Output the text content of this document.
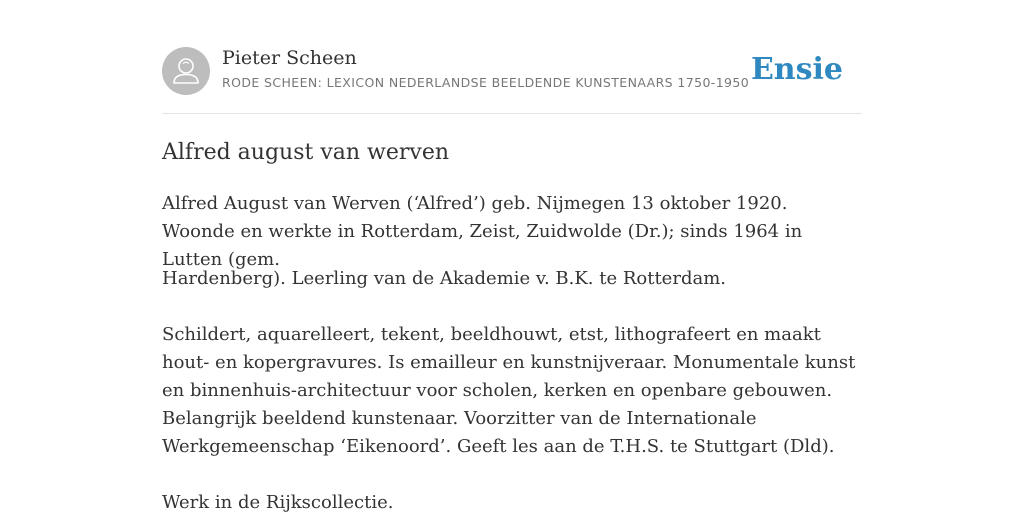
Pieter Scheen
RODE SCHEEN: LEXICON NEDERLANDSE BEELDENDE KUNSTENAARS 1750-1950 Ensie
Alfred august van werven

Alfred August van Werven (‘Alfred’) geb. Nijmegen 13 oktober 1920. Woonde en werkte in Rotterdam, Zeist, Zuidwolde (Dr.); sinds 1964 in Lutten (gem.

Hardenberg). Leerling van de Akademie v. B.K. te Rotterdam.

Schildert, aquarelleert, tekent, beeldhouwt, etst, lithografeert en maakt hout- en kopergravures. Is emailleur en kunstnijveraar. Monumentale kunst en binnenhuis-architectuur voor scholen, kerken en openbare gebouwen. Belangrijk beeldend kunstenaar. Voorzitter van de Internationale Werkgemeenschap ‘Eikenoord’. Geeft les aan de T.H.S. te Stuttgart (Dld).

Werk in de Rijkscollectie.
